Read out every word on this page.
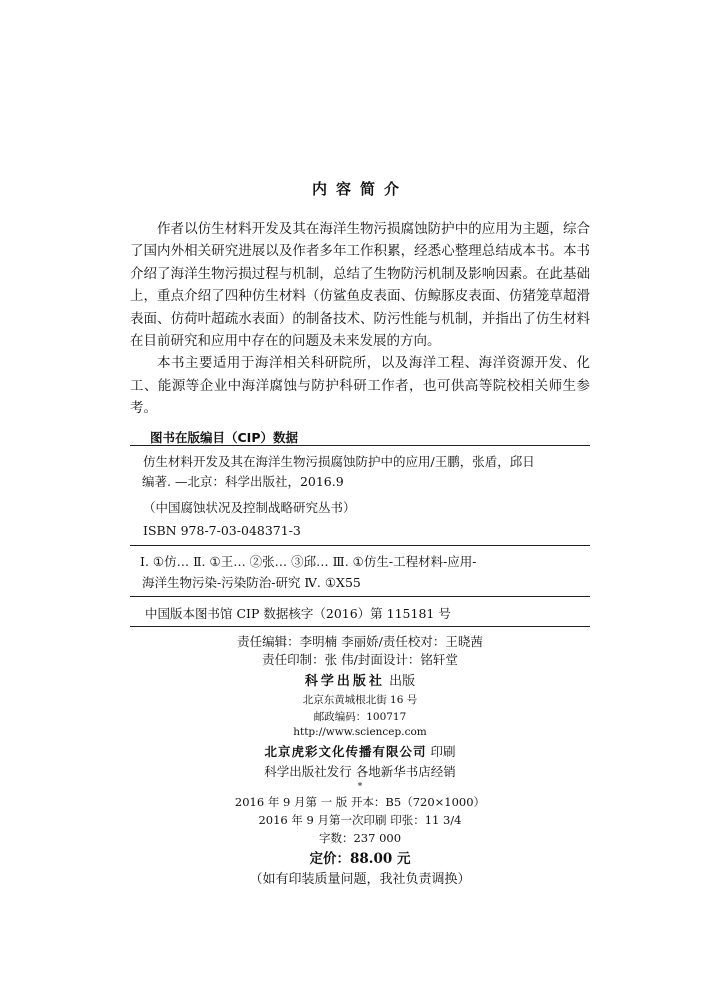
内容简介

作者以仿生材料开发及其在海洋生物污损腐蚀防护中的应用为主题，综合了国内外相关研究进展以及作者多年工作积累，经悉心整理总结成本书。本书介绍了海洋生物污损过程与机制，总结了生物防污机制及影响因素。在此基础上，重点介绍了四种仿生材料（仿鲨鱼皮表面、仿鲸豚皮表面、仿猪笼草超滑表面、仿荷叶超疏水表面）的制备技术、防污性能与机制，并指出了仿生材料在目前研究和应用中存在的问题及未来发展的方向。

本书主要适用于海洋相关科研院所，以及海洋工程、海洋资源开发、化工、能源等企业中海洋腐蚀与防护科研工作者，也可供高等院校相关师生参考。

图书在版编目（CIP）数据
仿生材料开发及其在海洋生物污损腐蚀防护中的应用/王鹏，张盾，邱日
编著. —北京：科学出版社，2016.9
（中国腐蚀状况及控制战略研究丛书）
ISBN 978-7-03-048371-3
Ⅰ. ①仿… Ⅱ. ①王… ②张… ③邱… Ⅲ. ①仿生-工程材料-应用-
海洋生物污染-污染防治-研究 Ⅳ. ①X55
中国版本图书馆 CIP 数据核字（2016）第 115181 号
责任编辑：李明楠 李丽娇/责任校对：王晓茜
责任印制：张 伟/封面设计：铭轩堂
科学出版社 出版
北京东黄城根北街 16 号
邮政编码：100717
http://www.sciencep.com
北京虎彩文化传播有限公司 印刷
科学出版社发行 各地新华书店经销
*
2016 年 9 月第 一 版 开本：B5（720×1000）
2016 年 9 月第一次印刷 印张：11 3/4
字数：237 000
定价：88.00 元
（如有印装质量问题，我社负责调换）
